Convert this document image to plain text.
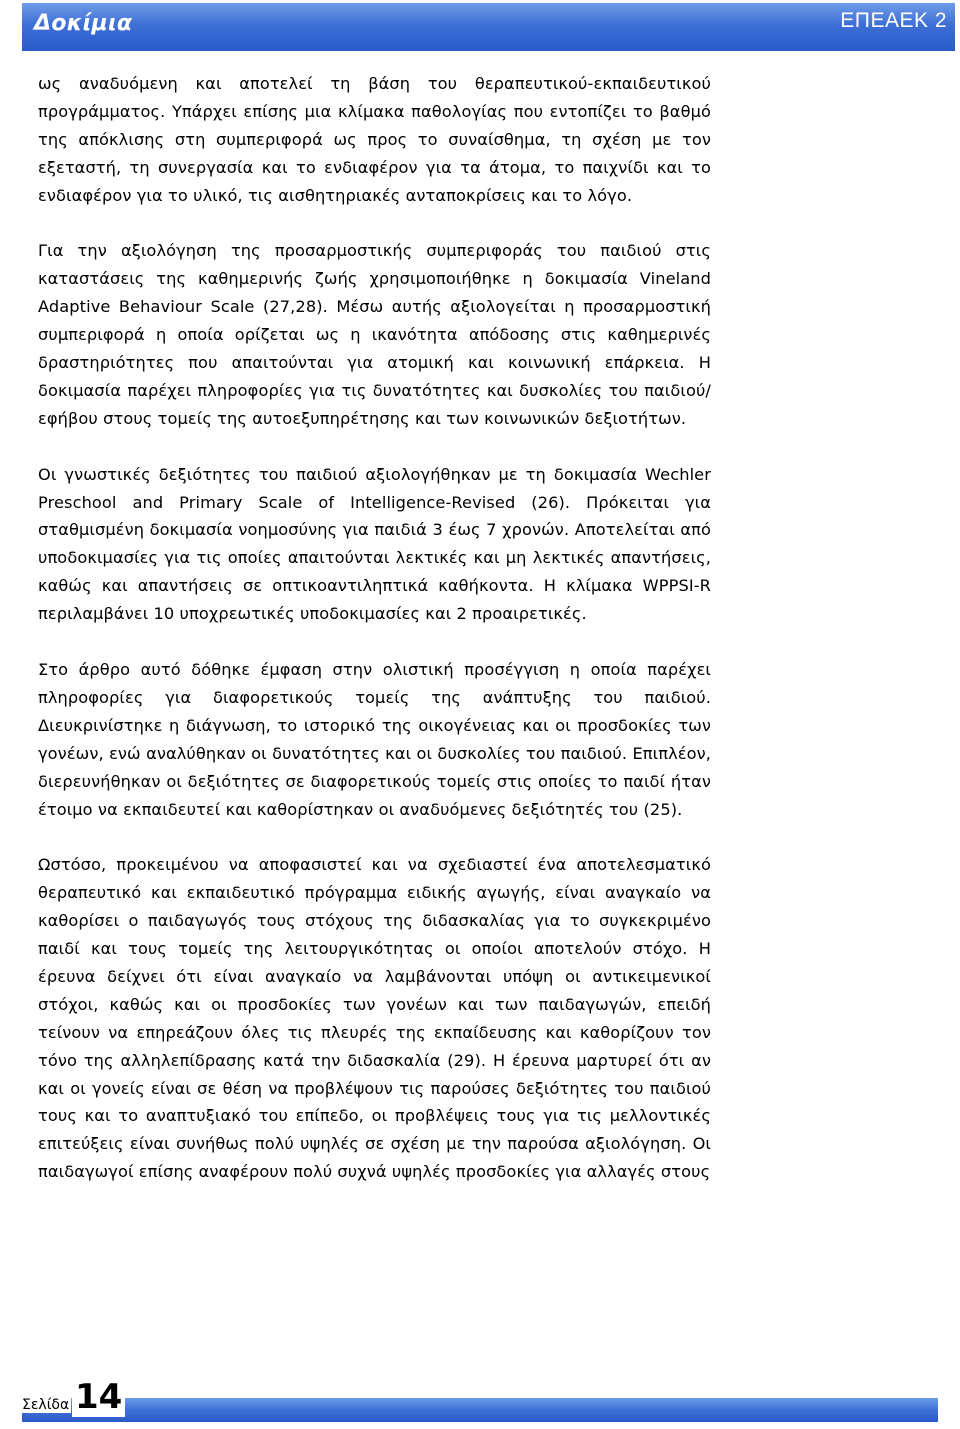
Δοκίμια	ΕΠΕΑΕΚ 2

ως αναδυόμενη και αποτελεί τη βάση του θεραπευτικού-εκπαιδευτικού προγράμματος. Υπάρχει επίσης μια κλίμακα παθολογίας που εντοπίζει το βαθμό της απόκλισης στη συμπεριφορά ως προς το συναίσθημα, τη σχέση με τον εξεταστή, τη συνεργασία και το ενδιαφέρον για τα άτομα, το παιχνίδι και το ενδιαφέρον για το υλικό, τις αισθητηριακές ανταποκρίσεις και το λόγο.

Για την αξιολόγηση της προσαρμοστικής συμπεριφοράς του παιδιού στις καταστάσεις της καθημερινής ζωής χρησιμοποιήθηκε η δοκιμασία Vineland Adaptive Behaviour Scale (27,28). Μέσω αυτής αξιολογείται η προσαρμοστική συμπεριφορά η οποία ορίζεται ως η ικανότητα απόδοσης στις καθημερινές δραστηριότητες που απαιτούνται για ατομική και κοινωνική επάρκεια. Η δοκιμασία παρέχει πληροφορίες για τις δυνατότητες και δυσκολίες του παιδιού/εφήβου στους τομείς της αυτοεξυπηρέτησης και των κοινωνικών δεξιοτήτων.

Οι γνωστικές δεξιότητες του παιδιού αξιολογήθηκαν με τη δοκιμασία Wechler Preschool and Primary Scale of Intelligence-Revised (26). Πρόκειται για σταθμισμένη δοκιμασία νοημοσύνης για παιδιά 3 έως 7 χρονών. Αποτελείται από υποδοκιμασίες για τις οποίες απαιτούνται λεκτικές και μη λεκτικές απαντήσεις, καθώς και απαντήσεις σε οπτικοαντιληπτικά καθήκοντα. Η κλίμακα WPPSI-R περιλαμβάνει 10 υποχρεωτικές υποδοκιμασίες και 2 προαιρετικές.

Στο άρθρο αυτό δόθηκε έμφαση στην ολιστική προσέγγιση η οποία παρέχει πληροφορίες για διαφορετικούς τομείς της ανάπτυξης του παιδιού. Διευκρινίστηκε η διάγνωση, το ιστορικό της οικογένειας και οι προσδοκίες των γονέων, ενώ αναλύθηκαν οι δυνατότητες και οι δυσκολίες του παιδιού. Επιπλέον, διερευνήθηκαν οι δεξιότητες σε διαφορετικούς τομείς στις οποίες το παιδί ήταν έτοιμο να εκπαιδευτεί και καθορίστηκαν οι αναδυόμενες δεξιότητές του (25).

Ωστόσο, προκειμένου να αποφασιστεί και να σχεδιαστεί ένα αποτελεσματικό θεραπευτικό και εκπαιδευτικό πρόγραμμα ειδικής αγωγής, είναι αναγκαίο να καθορίσει ο παιδαγωγός τους στόχους της διδασκαλίας για το συγκεκριμένο παιδί και τους τομείς της λειτουργικότητας οι οποίοι αποτελούν στόχο. Η έρευνα δείχνει ότι είναι αναγκαίο να λαμβάνονται υπόψη οι αντικειμενικοί στόχοι, καθώς και οι προσδοκίες των γονέων και των παιδαγωγών, επειδή τείνουν να επηρεάζουν όλες τις πλευρές της εκπαίδευσης και καθορίζουν τον τόνο της αλληλεπίδρασης κατά την διδασκαλία (29). Η έρευνα μαρτυρεί ότι αν και οι γονείς είναι σε θέση να προβλέψουν τις παρούσες δεξιότητες του παιδιού τους και το αναπτυξιακό του επίπεδο, οι προβλέψεις τους για τις μελλοντικές επιτεύξεις είναι συνήθως πολύ υψηλές σε σχέση με την παρούσα αξιολόγηση. Οι παιδαγωγοί επίσης αναφέρουν πολύ συχνά υψηλές προσδοκίες για αλλαγές στους

Σελίδα 14
